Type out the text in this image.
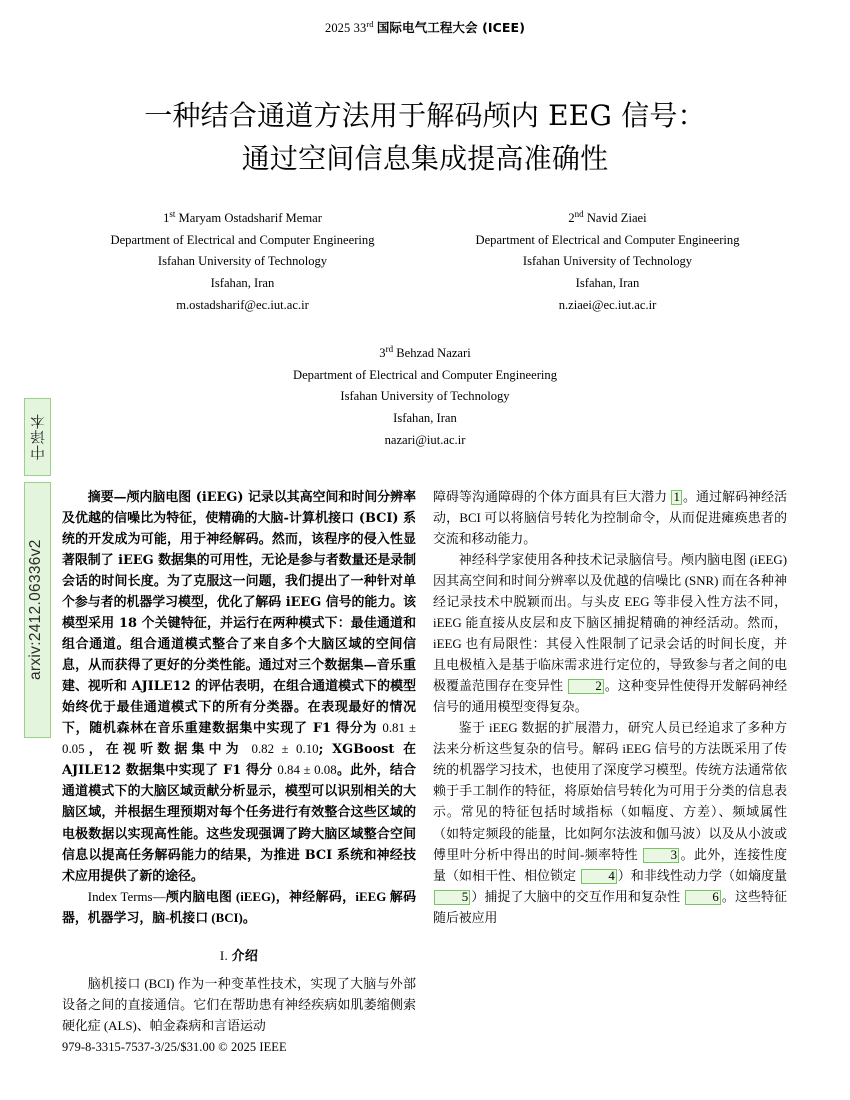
2025 33rd 国际电气工程大会 (ICEE)
一种结合通道方法用于解码颅内 EEG 信号：
通过空间信息集成提高准确性
1st Maryam Ostadsharif Memar
Department of Electrical and Computer Engineering
Isfahan University of Technology
Isfahan, Iran
m.ostadsharif@ec.iut.ac.ir
2nd Navid Ziaei
Department of Electrical and Computer Engineering
Isfahan University of Technology
Isfahan, Iran
n.ziaei@ec.iut.ac.ir
3rd Behzad Nazari
Department of Electrical and Computer Engineering
Isfahan University of Technology
Isfahan, Iran
nazari@iut.ac.ir
中译本
arxiv:2412.06336v2

摘要—颅内脑电图 (iEEG) 记录以其高空间和时间分辨率及优越的信噪比为特征，使精确的大脑-计算机接口 (BCI) 系统的开发成为可能，用于神经解码。然而，该程序的侵入性显著限制了 iEEG 数据集的可用性，无论是参与者数量还是录制会话的时间长度。为了克服这一问题，我们提出了一种针对单个参与者的机器学习模型，优化了解码 iEEG 信号的能力。该模型采用 18 个关键特征，并运行在两种模式下：最佳通道和组合通道。组合通道模式整合了来自多个大脑区域的空间信息，从而获得了更好的分类性能。通过对三个数据集—音乐重建、视听和 AJILE12 的评估表明，在组合通道模式下的模型始终优于最佳通道模式下的所有分类器。在表现最好的情况下，随机森林在音乐重建数据集中实现了 F1 得分为 0.81 ± 0.05，在视听数据集中为 0.82 ± 0.10; XGBoost 在 AJILE12 数据集中实现了 F1 得分 0.84 ± 0.08。此外，结合通道模式下的大脑区域贡献分析显示，模型可以识别相关的大脑区域，并根据生理预期对每个任务进行有效整合这些区域的电极数据以实现高性能。这些发现强调了跨大脑区域整合空间信息以提高任务解码能力的结果，为推进 BCI 系统和神经技术应用提供了新的途径。

Index Terms—颅内脑电图 (iEEG)，神经解码，iEEG 解码器，机器学习，脑-机接口 (BCI)。

I. 介绍

脑机接口 (BCI) 作为一种变革性技术，实现了大脑与外部设备之间的直接通信。它们在帮助患有神经疾病如肌萎缩侧索硬化症 (ALS)、帕金森病和言语运动

障碍等沟通障碍的个体方面具有巨大潜力 1 。通过解码神经活动，BCI 可以将脑信号转化为控制命令，从而促进瘫痪患者的交流和移动能力。

神经科学家使用各种技术记录脑信号。颅内脑电图 (iEEG) 因其高空间和时间分辨率以及优越的信噪比 (SNR) 而在各种神经记录技术中脱颖而出。与头皮 EEG 等非侵入性方法不同，iEEG 能直接从皮层和皮下脑区捕捉精确的神经活动。然而，iEEG 也有局限性：其侵入性限制了记录会话的时间长度，并且电极植入是基于临床需求进行定位的，导致参与者之间的电极覆盖范围存在变异性 2 。这种变异性使得开发解码神经信号的通用模型变得复杂。

鉴于 iEEG 数据的扩展潜力，研究人员已经追求了多种方法来分析这些复杂的信号。解码 iEEG 信号的方法既采用了传统的机器学习技术，也使用了深度学习模型。传统方法通常依赖于手工制作的特征，将原始信号转化为可用于分类的信息表示。常见的特征包括时域指标（如幅度、方差）、频域属性（如特定频段的能量，比如阿尔法波和伽马波）以及从小波或傅里叶分析中得出的时间-频率特性 3 。此外，连接性度量（如相干性、相位锁定 4 ）和非线性动力学（如熵度量 5 ）捕捉了大脑中的交互作用和复杂性 6 。这些特征随后被应用

979-8-3315-7537-3/25/$31.00 © 2025 IEEE
